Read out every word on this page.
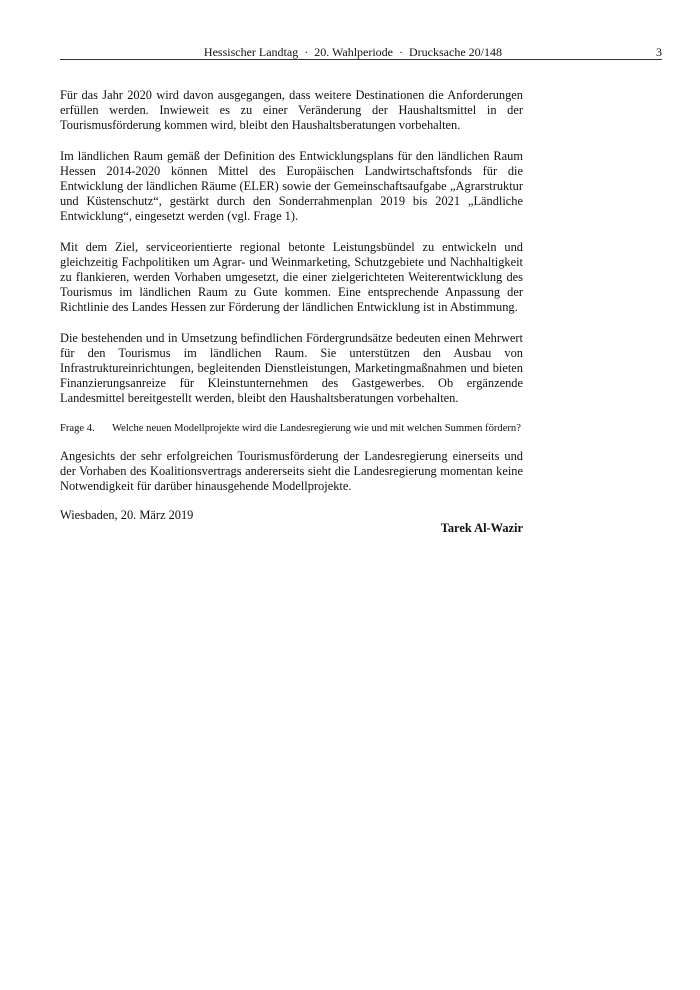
Hessischer Landtag · 20. Wahlperiode · Drucksache 20/148	3

Für das Jahr 2020 wird davon ausgegangen, dass weitere Destinationen die Anforderungen erfüllen werden. Inwieweit es zu einer Veränderung der Haushaltsmittel in der Tourismusförderung kommen wird, bleibt den Haushaltsberatungen vorbehalten.

Im ländlichen Raum gemäß der Definition des Entwicklungsplans für den ländlichen Raum Hessen 2014-2020 können Mittel des Europäischen Landwirtschaftsfonds für die Entwicklung der ländlichen Räume (ELER) sowie der Gemeinschaftsaufgabe „Agrarstruktur und Küstenschutz“, gestärkt durch den Sonderrahmenplan 2019 bis 2021 „Ländliche Entwicklung“, eingesetzt werden (vgl. Frage 1).

Mit dem Ziel, serviceorientierte regional betonte Leistungsbündel zu entwickeln und gleichzeitig Fachpolitiken um Agrar- und Weinmarketing, Schutzgebiete und Nachhaltigkeit zu flankieren, werden Vorhaben umgesetzt, die einer zielgerichteten Weiterentwicklung des Tourismus im ländlichen Raum zu Gute kommen. Eine entsprechende Anpassung der Richtlinie des Landes Hessen zur Förderung der ländlichen Entwicklung ist in Abstimmung.

Die bestehenden und in Umsetzung befindlichen Fördergrundsätze bedeuten einen Mehrwert für den Tourismus im ländlichen Raum. Sie unterstützen den Ausbau von Infrastruktureinrichtungen, begleitenden Dienstleistungen, Marketingmaßnahmen und bieten Finanzierungsanreize für Kleinstunternehmen des Gastgewerbes. Ob ergänzende Landesmittel bereitgestellt werden, bleibt den Haushaltsberatungen vorbehalten.

Frage 4. Welche neuen Modellprojekte wird die Landesregierung wie und mit welchen Summen fördern?

Angesichts der sehr erfolgreichen Tourismusförderung der Landesregierung einerseits und der Vorhaben des Koalitionsvertrags andererseits sieht die Landesregierung momentan keine Notwendigkeit für darüber hinausgehende Modellprojekte.

Wiesbaden, 20. März 2019
Tarek Al-Wazir
